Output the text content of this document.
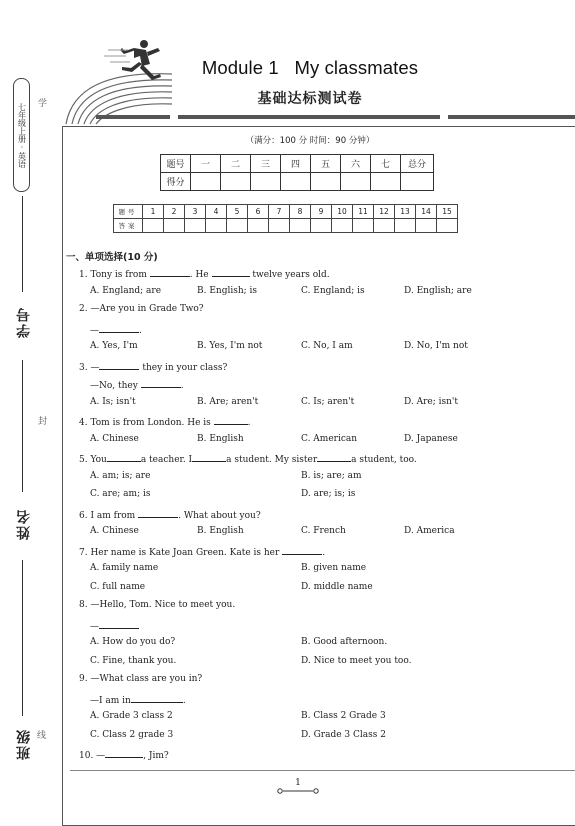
Module 1   My classmates
基础达标测试卷
七年级上册·英语	学
学号
封
姓名
线
班级
（满分：100 分 时间：90 分钟）
题号	一	二	三	四	五	六	七	总分
得分								
题号	1	2	3	4	5	6	7	8	9	10	11	12	13	14	15
答案															
一、单项选择(10 分)
1. Tony is from	. He	twelve years old.
A. England; are	B. English; is	C. England; is	D. English; are
2. —Are you in Grade Two?
—	.
A. Yes, I'm	B. Yes, I'm not	C. No, I am	D. No, I'm not
3. —	they in your class?
—No, they	.
A. Is; isn't	B. Are; aren't	C. Is; aren't	D. Are; isn't
4. Tom is from London. He is	.
A. Chinese	B. English	C. American	D. Japanese
5. You	a teacher. I	a student. My sister	a student, too.
A. am; is; are	B. is; are; am
C. are; am; is	D. are; is; is
6. I am from	. What about you?
A. Chinese	B. English	C. French	D. America
7. Her name is Kate Joan Green. Kate is her	.
A. family name	B. given name
C. full name	D. middle name
8. —Hello, Tom. Nice to meet you.
—
A. How do you do?	B. Good afternoon.
C. Fine, thank you.	D. Nice to meet you too.
9. —What class are you in?
—I am in	.
A. Grade 3 class 2	B. Class 2 Grade 3
C. Class 2 grade 3	D. Grade 3 Class 2
10. —	, Jim?
1
